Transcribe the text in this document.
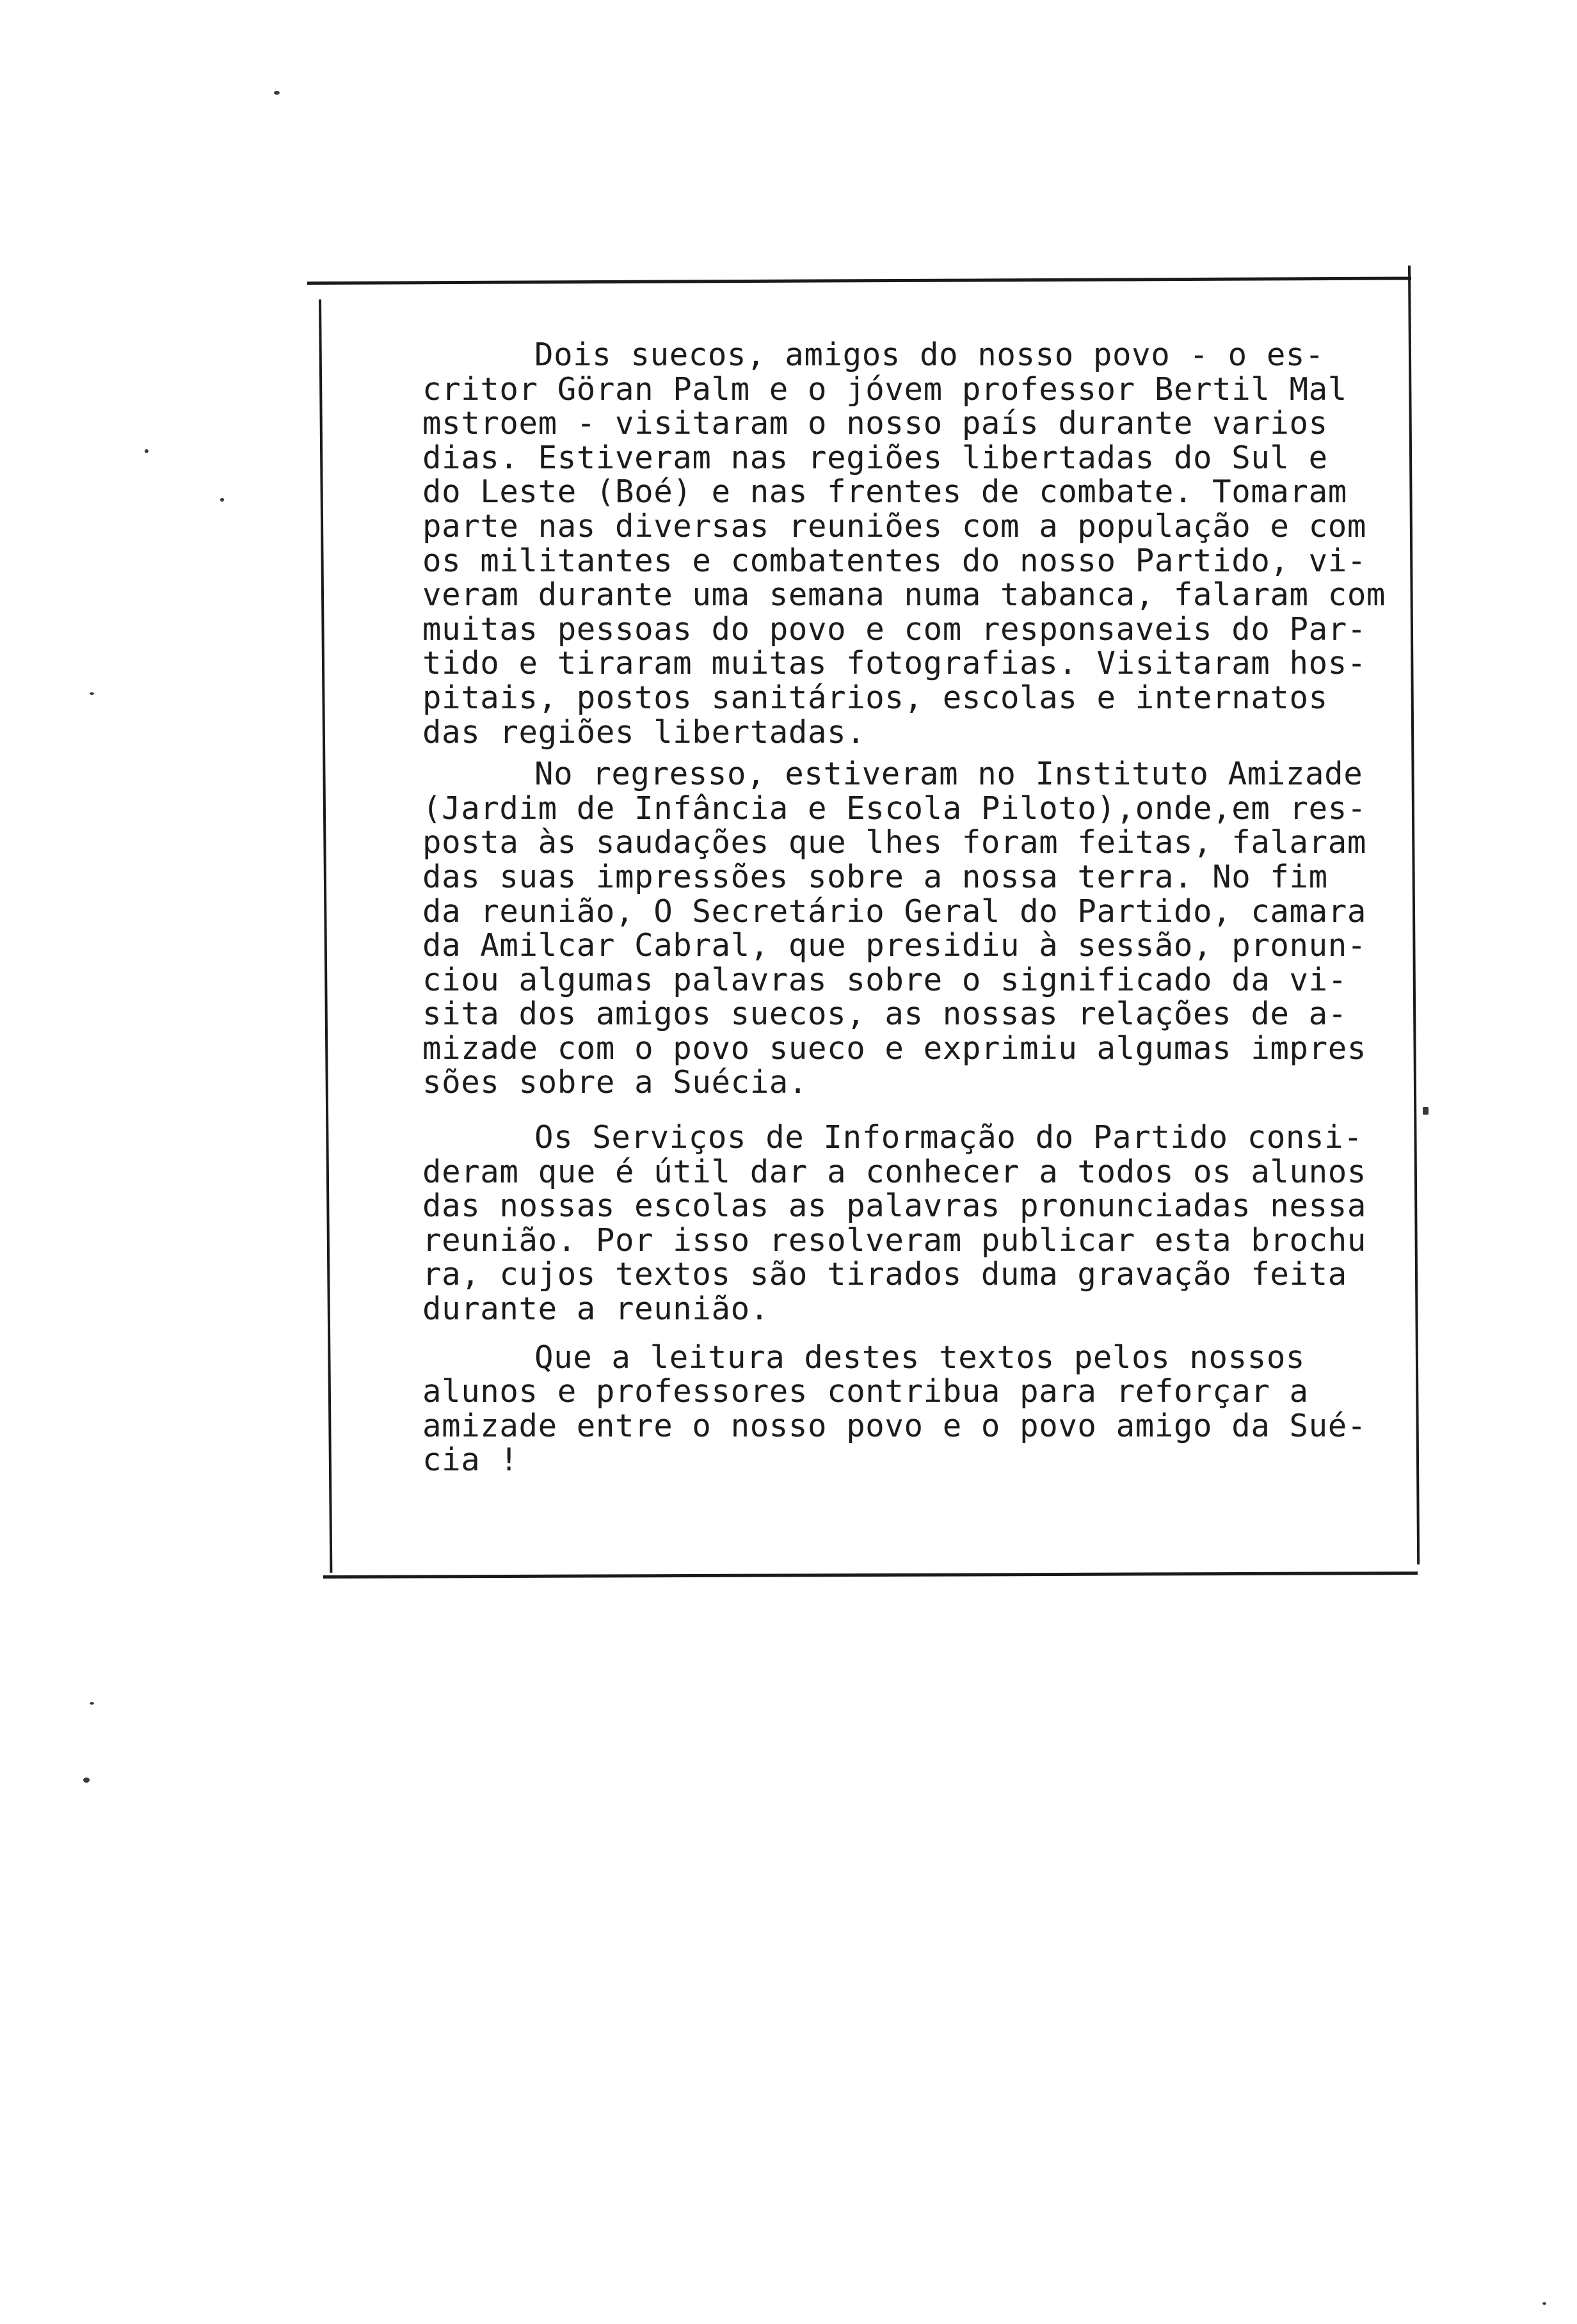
Dois suecos, amigos do nosso povo - o es-
critor Göran Palm e o jóvem professor Bertil Mal
mstroem - visitaram o nosso país durante varios
dias. Estiveram nas regiões libertadas do Sul e
do Leste (Boé) e nas frentes de combate. Tomaram
parte nas diversas reuniões com a população e com
os militantes e combatentes do nosso Partido, vi-
veram durante uma semana numa tabanca, falaram com
muitas pessoas do povo e com responsaveis do Par-
tido e tiraram muitas fotografias. Visitaram hos-
pitais, postos sanitários, escolas e internatos
das regiões libertadas.
No regresso, estiveram no Instituto Amizade
(Jardim de Infância e Escola Piloto),onde,em res-
posta às saudações que lhes foram feitas, falaram
das suas impressões sobre a nossa terra. No fim
da reunião, O Secretário Geral do Partido, camara
da Amilcar Cabral, que presidiu à sessão, pronun-
ciou algumas palavras sobre o significado da vi-
sita dos amigos suecos, as nossas relações de a-
mizade com o povo sueco e exprimiu algumas impres
sões sobre a Suécia.
Os Serviços de Informação do Partido consi-
deram que é útil dar a conhecer a todos os alunos
das nossas escolas as palavras pronunciadas nessa
reunião. Por isso resolveram publicar esta brochu
ra, cujos textos são tirados duma gravação feita
durante a reunião.
Que a leitura destes textos pelos nossos
alunos e professores contribua para reforçar a
amizade entre o nosso povo e o povo amigo da Sué-
cia !
